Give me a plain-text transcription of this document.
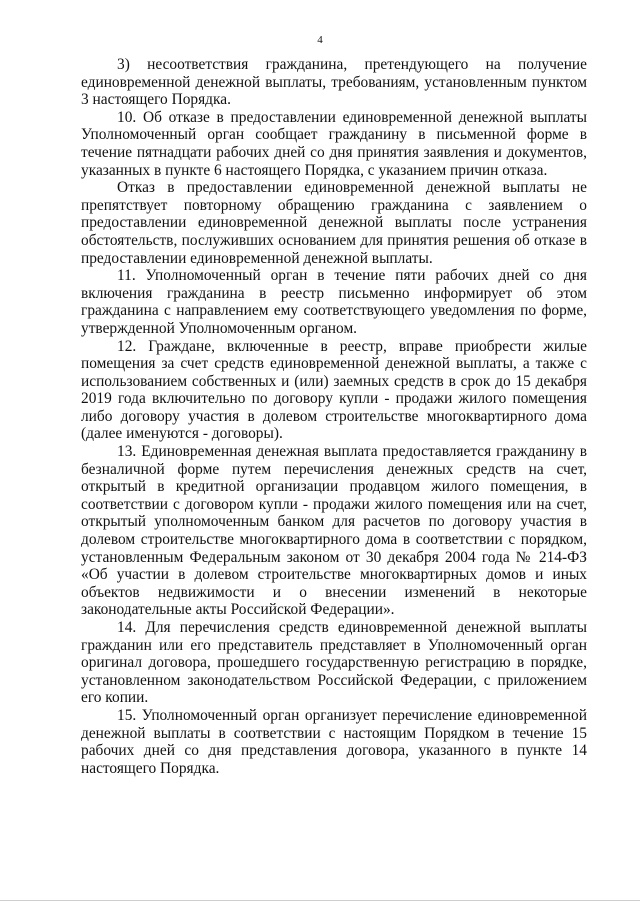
4

3)   несоответствия   гражданина,   претендующего   на   получение единовременной денежной выплаты, требованиям, установленным пунктом 3 настоящего Порядка.

10. Об отказе в предоставлении единовременной денежной выплаты Уполномоченный орган сообщает гражданину в письменной форме в течение пятнадцати рабочих дней со дня принятия заявления и документов, указанных в пункте 6 настоящего Порядка, с указанием причин отказа.

Отказ в предоставлении единовременной денежной выплаты не препятствует повторному обращению гражданина с заявлением о предоставлении единовременной денежной выплаты после устранения обстоятельств, послуживших основанием для принятия решения об отказе в предоставлении единовременной денежной выплаты.

11. Уполномоченный орган в течение пяти рабочих дней со дня включения гражданина в реестр письменно информирует об этом гражданина с направлением ему соответствующего уведомления по форме, утвержденной Уполномоченным органом.

12. Граждане, включенные в реестр, вправе приобрести жилые помещения за счет средств единовременной денежной выплаты, а также с использованием собственных и (или) заемных средств в срок до 15 декабря 2019 года включительно по договору купли - продажи жилого помещения либо договору участия в долевом строительстве многоквартирного дома (далее именуются - договоры).

13. Единовременная денежная выплата предоставляется гражданину в безналичной форме путем перечисления денежных средств на счет, открытый в кредитной организации продавцом жилого помещения, в соответствии с договором купли - продажи жилого помещения или на счет, открытый уполномоченным банком для расчетов по договору участия в долевом строительстве многоквартирного дома в соответствии с порядком, установленным Федеральным законом от 30 декабря 2004 года № 214-ФЗ «Об участии в долевом строительстве многоквартирных домов и иных объектов недвижимости и о внесении изменений в некоторые законодательные акты Российской Федерации».

14. Для перечисления средств единовременной денежной выплаты гражданин или его представитель представляет в Уполномоченный орган оригинал договора, прошедшего государственную регистрацию в порядке, установленном законодательством Российской Федерации, с приложением его копии.

15. Уполномоченный орган организует перечисление единовременной денежной выплаты в соответствии с настоящим Порядком в течение 15 рабочих дней со дня представления договора, указанного в пункте 14 настоящего Порядка.
